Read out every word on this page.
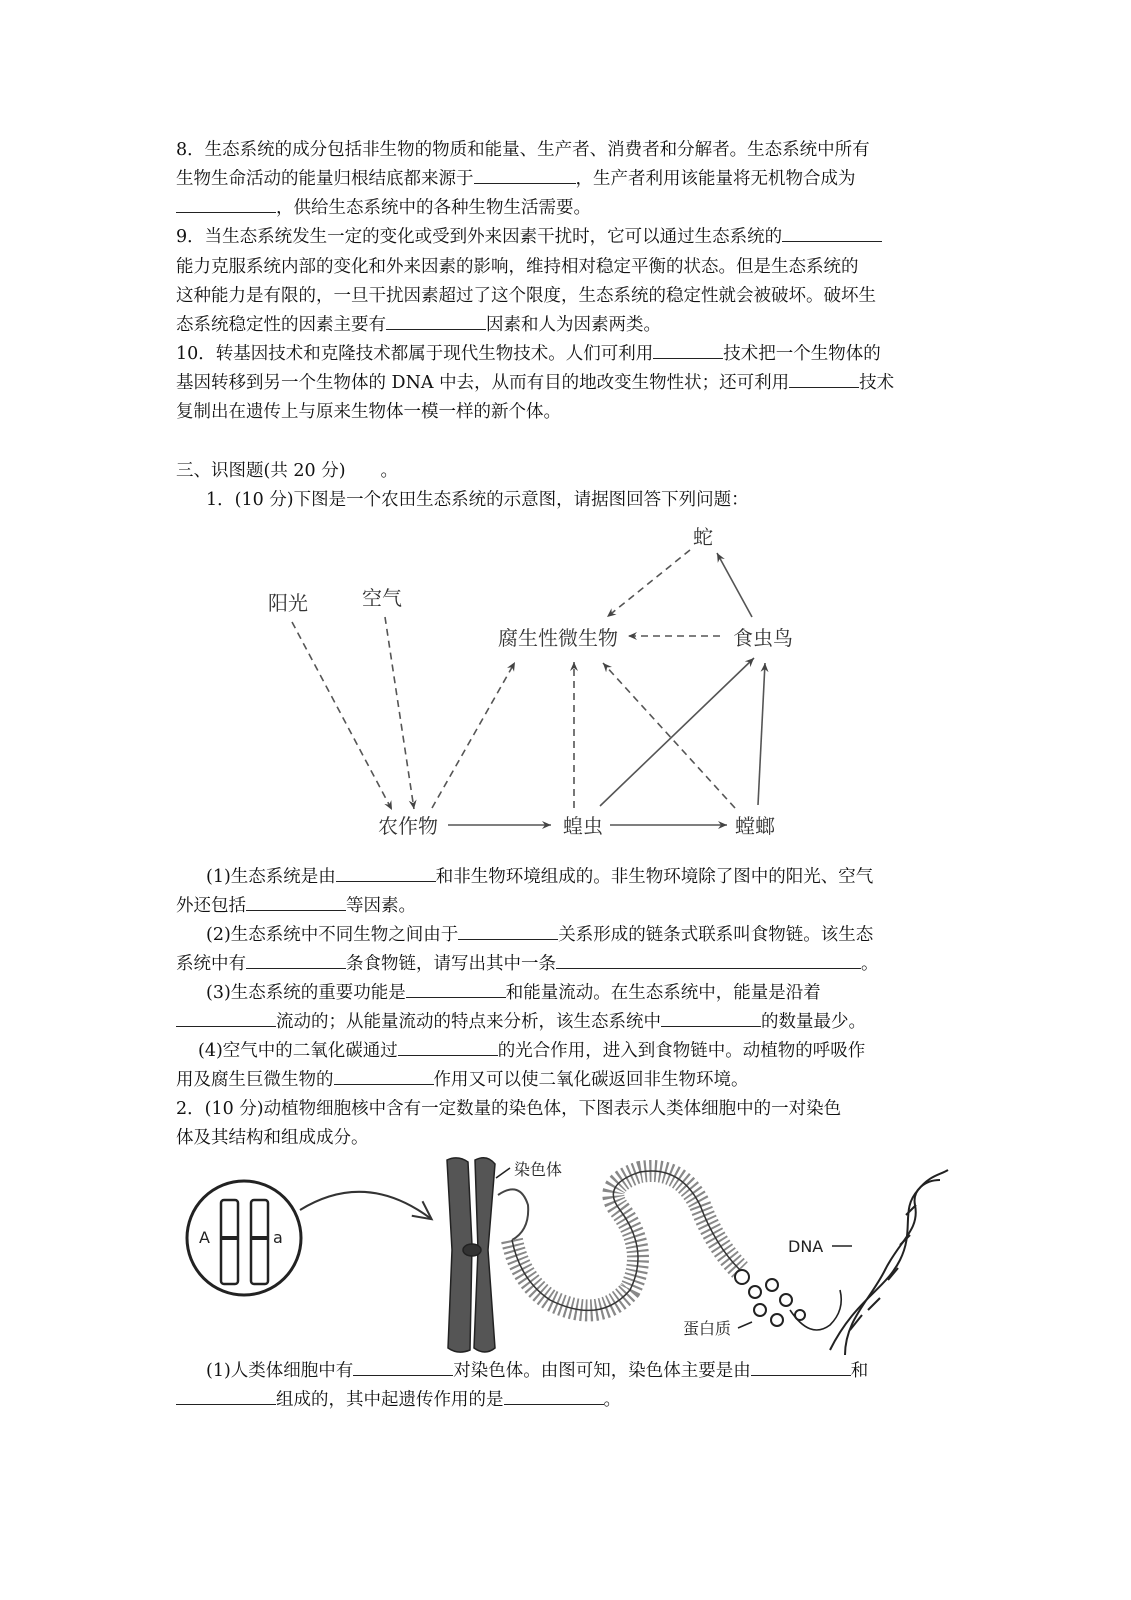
8．生态系统的成分包括非生物的物质和能量、生产者、消费者和分解者。生态系统中所有
生物生命活动的能量归根结底都来源于	，生产者利用该能量将无机物合成为
，供给生态系统中的各种生物生活需要。
9．当生态系统发生一定的变化或受到外来因素干扰时，它可以通过生态系统的
能力克服系统内部的变化和外来因素的影响，维持相对稳定平衡的状态。但是生态系统的
这种能力是有限的，一旦干扰因素超过了这个限度，生态系统的稳定性就会被破坏。破坏生
态系统稳定性的因素主要有	因素和人为因素两类。
10．转基因技术和克隆技术都属于现代生物技术。人们可利用	技术把一个生物体的
基因转移到另一个生物体的 DNA 中去，从而有目的地改变生物性状；还可利用	技术
复制出在遗传上与原来生物体一模一样的新个体。
三、识图题(共 20 分)　　。
1．(10 分)下图是一个农田生态系统的示意图，请据图回答下列问题：
阳光	空气
腐生性微生物
蛇
食虫鸟
农作物	蝗虫	螳螂
(1)生态系统是由	和非生物环境组成的。非生物环境除了图中的阳光、空气
外还包括	等因素。
(2)生态系统中不同生物之间由于	关系形成的链条式联系叫食物链。该生态
系统中有	条食物链，请写出其中一条	。
(3)生态系统的重要功能是	和能量流动。在生态系统中，能量是沿着
流动的；从能量流动的特点来分析，该生态系统中	的数量最少。
(4)空气中的二氧化碳通过	的光合作用，进入到食物链中。动植物的呼吸作
用及腐生巨微生物的	作用又可以使二氧化碳返回非生物环境。
2．(10 分)动植物细胞核中含有一定数量的染色体，下图表示人类体细胞中的一对染色
体及其结构和组成成分。
A	a	DNA
染色体
蛋白质
(1)人类体细胞中有	对染色体。由图可知，染色体主要是由	和
组成的，其中起遗传作用的是	。
